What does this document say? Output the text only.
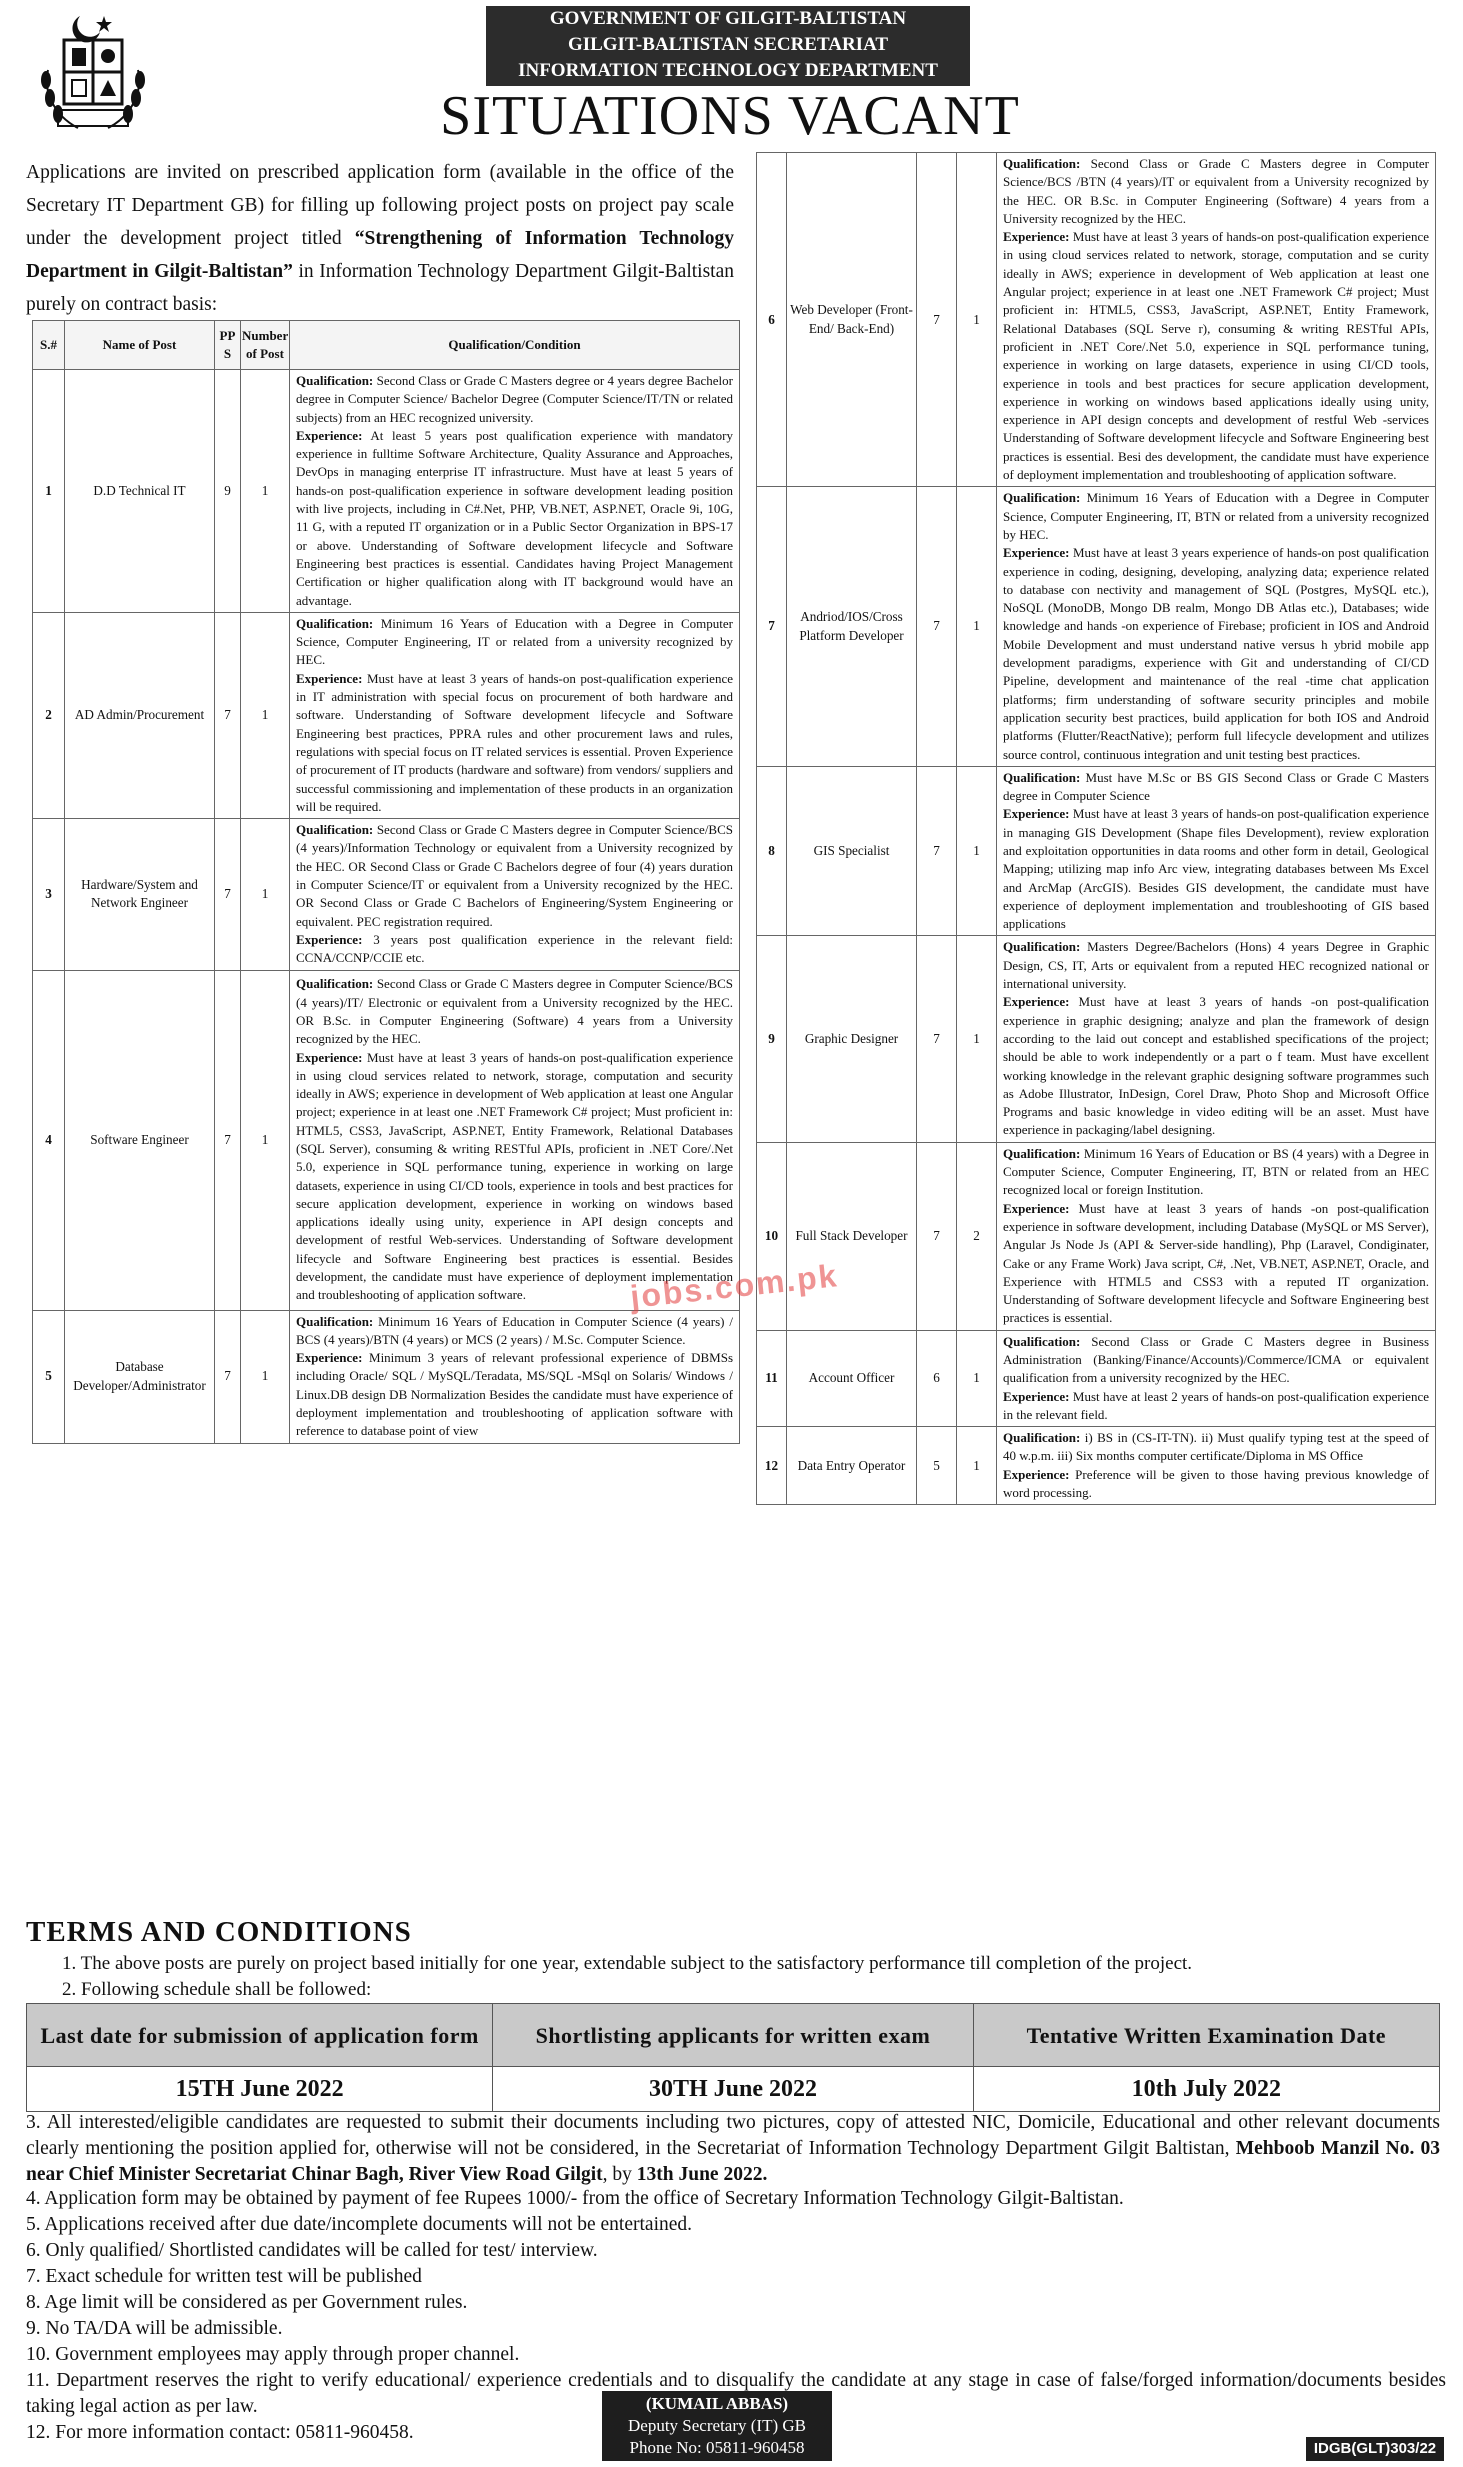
GOVERNMENT OF GILGIT-BALTISTAN
GILGIT-BALTISTAN SECRETARIAT
INFORMATION TECHNOLOGY DEPARTMENT
SITUATIONS VACANT
Applications are invited on prescribed application form (available in the office of the Secretary IT Department GB) for filling up following project posts on project pay scale under the development project titled “Strengthening of Information Technology Department in Gilgit-Baltistan” in Information Technology Department Gilgit-Baltistan purely on contract basis:
S.#	Name of Post	PP S	Number of Post	Qualification/Condition
1	D.D Technical IT	9	1	Qualification: Second Class or Grade C Masters degree or 4 years degree Bachelor degree in Computer Science/ Bachelor Degree (Computer Science/IT/TN or related subjects) from an HEC recognized university.
Experience: At least 5 years post qualification experience with mandatory experience in fulltime Software Architecture, Quality Assurance and Approaches, DevOps in managing enterprise IT infrastructure. Must have at least 5 years of hands-on post-qualification experience in software development leading position with live projects, including in C#.Net, PHP, VB.NET, ASP.NET, Oracle 9i, 10G, 11 G, with a reputed IT organization or in a Public Sector Organization in BPS-17 or above. Understanding of Software development lifecycle and Software Engineering best practices is essential. Candidates having Project Management Certification or higher qualification along with IT background would have an advantage.
2	AD Admin/Procurement	7	1	Qualification: Minimum 16 Years of Education with a Degree in Computer Science, Computer Engineering, IT or related from a university recognized by HEC.
Experience: Must have at least 3 years of hands-on post-qualification experience in IT administration with special focus on procurement of both hardware and software. Understanding of Software development lifecycle and Software Engineering best practices, PPRA rules and other procurement laws and rules, regulations with special focus on IT related services is essential. Proven Experience of procurement of IT products (hardware and software) from vendors/ suppliers and successful commissioning and implementation of these products in an organization will be required.
3	Hardware/System and Network Engineer	7	1	Qualification: Second Class or Grade C Masters degree in Computer Science/BCS (4 years)/Information Technology or equivalent from a University recognized by the HEC. OR Second Class or Grade C Bachelors degree of four (4) years duration in Computer Science/IT or equivalent from a University recognized by the HEC. OR Second Class or Grade C Bachelors of Engineering/System Engineering or equivalent. PEC registration required.
Experience: 3 years post qualification experience in the relevant field: CCNA/CCNP/CCIE etc.
4	Software Engineer	7	1	Qualification: Second Class or Grade C Masters degree in Computer Science/BCS (4 years)/IT/ Electronic or equivalent from a University recognized by the HEC. OR B.Sc. in Computer Engineering (Software) 4 years from a University recognized by the HEC.
Experience: Must have at least 3 years of hands-on post-qualification experience in using cloud services related to network, storage, computation and security ideally in AWS; experience in development of Web application at least one Angular project; experience in at least one .NET Framework C# project; Must proficient in: HTML5, CSS3, JavaScript, ASP.NET, Entity Framework, Relational Databases (SQL Server), consuming & writing RESTful APIs, proficient in .NET Core/.Net 5.0, experience in SQL performance tuning, experience in working on large datasets, experience in using CI/CD tools, experience in tools and best practices for secure application development, experience in working on windows based applications ideally using unity, experience in API design concepts and development of restful Web-services. Understanding of Software development lifecycle and Software Engineering best practices is essential. Besides development, the candidate must have experience of deployment implementation and troubleshooting of application software.
5	Database Developer/Administrator	7	1	Qualification: Minimum 16 Years of Education in Computer Science (4 years) / BCS (4 years)/BTN (4 years) or MCS (2 years) / M.Sc. Computer Science.
Experience: Minimum 3 years of relevant professional experience of DBMSs including Oracle/ SQL / MySQL/Teradata, MS/SQL -MSql on Solaris/ Windows / Linux.DB design DB Normalization Besides the candidate must have experience of deployment implementation and troubleshooting of application software with reference to database point of view
6	Web Developer (Front-End/ Back-End)	7	1	Qualification: Second Class or Grade C Masters degree in Computer Science/BCS /BTN (4 years)/IT or equivalent from a University recognized by the HEC. OR B.Sc. in Computer Engineering (Software) 4 years from a University recognized by the HEC.
Experience: Must have at least 3 years of hands-on post-qualification experience in using cloud services related to network, storage, computation and se curity ideally in AWS; experience in development of Web application at least one Angular project; experience in at least one .NET Framework C# project; Must proficient in: HTML5, CSS3, JavaScript, ASP.NET, Entity Framework, Relational Databases (SQL Serve r), consuming & writing RESTful APIs, proficient in .NET Core/.Net 5.0, experience in SQL performance tuning, experience in working on large datasets, experience in using CI/CD tools, experience in tools and best practices for secure application development, experience in working on windows based applications ideally using unity, experience in API design concepts and development of restful Web -services Understanding of Software development lifecycle and Software Engineering best practices is essential. Besi des development, the candidate must have experience of deployment implementation and troubleshooting of application software.
7	Andriod/IOS/Cross Platform Developer	7	1	Qualification: Minimum 16 Years of Education with a Degree in Computer Science, Computer Engineering, IT, BTN or related from a university recognized by HEC.
Experience: Must have at least 3 years experience of hands-on post qualification experience in coding, designing, developing, analyzing data; experience related to database con nectivity and management of SQL (Postgres, MySQL etc.), NoSQL (MonoDB, Mongo DB realm, Mongo DB Atlas etc.), Databases; wide knowledge and hands -on experience of Firebase; proficient in IOS and Android Mobile Development and must understand native versus h ybrid mobile app development paradigms, experience with Git and understanding of CI/CD Pipeline, development and maintenance of the real -time chat application platforms; firm understanding of software security principles and mobile application security best practices, build application for both IOS and Android platforms (Flutter/ReactNative); perform full lifecycle development and utilizes source control, continuous integration and unit testing best practices.
8	GIS Specialist	7	1	Qualification: Must have M.Sc or BS GIS Second Class or Grade C Masters degree in Computer Science
Experience: Must have at least 3 years of hands-on post-qualification experience in managing GIS Development (Shape files Development), review exploration and exploitation opportunities in data rooms and other form in detail, Geological Mapping; utilizing map info Arc view, integrating databases between Ms Excel and ArcMap (ArcGIS). Besides GIS development, the candidate must have experience of deployment implementation and troubleshooting of GIS based applications
9	Graphic Designer	7	1	Qualification: Masters Degree/Bachelors (Hons) 4 years Degree in Graphic Design, CS, IT, Arts or equivalent from a reputed HEC recognized national or international university.
Experience: Must have at least 3 years of hands -on post-qualification experience in graphic designing; analyze and plan the framework of design according to the laid out concept and established specifications of the project; should be able to work independently or a part o f team. Must have excellent working knowledge in the relevant graphic designing software programmes such as Adobe Illustrator, InDesign, Corel Draw, Photo Shop and Microsoft Office Programs and basic knowledge in video editing will be an asset. Must have experience in packaging/label designing.
10	Full Stack Developer	7	2	Qualification: Minimum 16 Years of Education or BS (4 years) with a Degree in Computer Science, Computer Engineering, IT, BTN or related from an HEC recognized local or foreign Institution.
Experience: Must have at least 3 years of hands -on post-qualification experience in software development, including Database (MySQL or MS Server), Angular Js Node Js (API & Server-side handling), Php (Laravel, Condiginater, Cake or any Frame Work) Java script, C#, .Net, VB.NET, ASP.NET, Oracle, and Experience with HTML5 and CSS3 with a reputed IT organization. Understanding of Software development lifecycle and Software Engineering best practices is essential.
11	Account Officer	6	1	Qualification: Second Class or Grade C Masters degree in Business Administration (Banking/Finance/Accounts)/Commerce/ICMA or equivalent qualification from a university recognized by the HEC.
Experience: Must have at least 2 years of hands-on post-qualification experience in the relevant field.
12	Data Entry Operator	5	1	Qualification: i) BS in (CS-IT-TN). ii) Must qualify typing test at the speed of 40 w.p.m. iii) Six months computer certificate/Diploma in MS Office
Experience: Preference will be given to those having previous knowledge of word processing.
jobs.com.pk
TERMS AND CONDITIONS
1. The above posts are purely on project based initially for one year, extendable subject to the satisfactory performance till completion of the project.
2. Following schedule shall be followed:
Last date for submission of application form	Shortlisting applicants for written exam	Tentative Written Examination Date
15TH June 2022	30TH June 2022	10th July 2022
3. All interested/eligible candidates are requested to submit their documents including two pictures, copy of attested NIC, Domicile, Educational and other relevant documents clearly mentioning the position applied for, otherwise will not be considered, in the Secretariat of Information Technology Department Gilgit Baltistan, Mehboob Manzil No. 03 near Chief Minister Secretariat Chinar Bagh, River View Road Gilgit, by 13th June 2022.
4. Application form may be obtained by payment of fee Rupees 1000/- from the office of Secretary Information Technology Gilgit-Baltistan.
5. Applications received after due date/incomplete documents will not be entertained.
6. Only qualified/ Shortlisted candidates will be called for test/ interview.
7. Exact schedule for written test will be published
8. Age limit will be considered as per Government rules.
9. No TA/DA will be admissible.
10. Government employees may apply through proper channel.
11. Department reserves the right to verify educational/ experience credentials and to disqualify the candidate at any stage in case of false/forged information/documents besides taking legal action as per law.
12. For more information contact: 05811-960458.
(KUMAIL ABBAS)
Deputy Secretary (IT) GB
Phone No: 05811-960458	IDGB(GLT)303/22
